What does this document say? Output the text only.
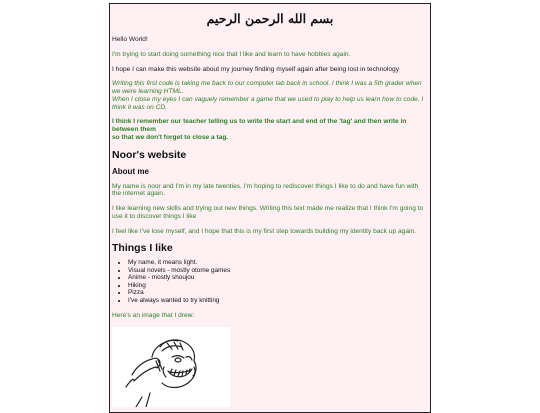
بسم الله الرحمن الرحيم

Hello World!

I'm trying to start doing something nice that I like and learn to have hobbies again.

I hope I can make this website about my journey finding myself again after being lost in technology

Writing this first code is taking me back to our computer lab back in school. I think I was a 5th grader when we were learning HTML.
When I close my eyes I can vaguely remember a game that we used to play to help us learn how to code. I think it was on CD.

I think I remember our teacher telling us to write the start and end of the 'tag' and then write in between them
so that we don't forget to close a tag.

Noor's website
About me

My name is noor and I'm in my late twenties. I'm hoping to rediscover things I like to do and have fun with the internet again.

I like learning new skills and trying out new things. Writing this text made me realize that I think I'm going to use it to discover things I like

I feel like I've lose myself, and I hope that this is my first step towards building my identity back up again.

Things I like
• My name, it means light.
• Visual novels - mostly otome games
• Anime - mostly shoujou
• Hiking
• Pizza
• I've always wanted to try knitting

Here's an image that I drew:
